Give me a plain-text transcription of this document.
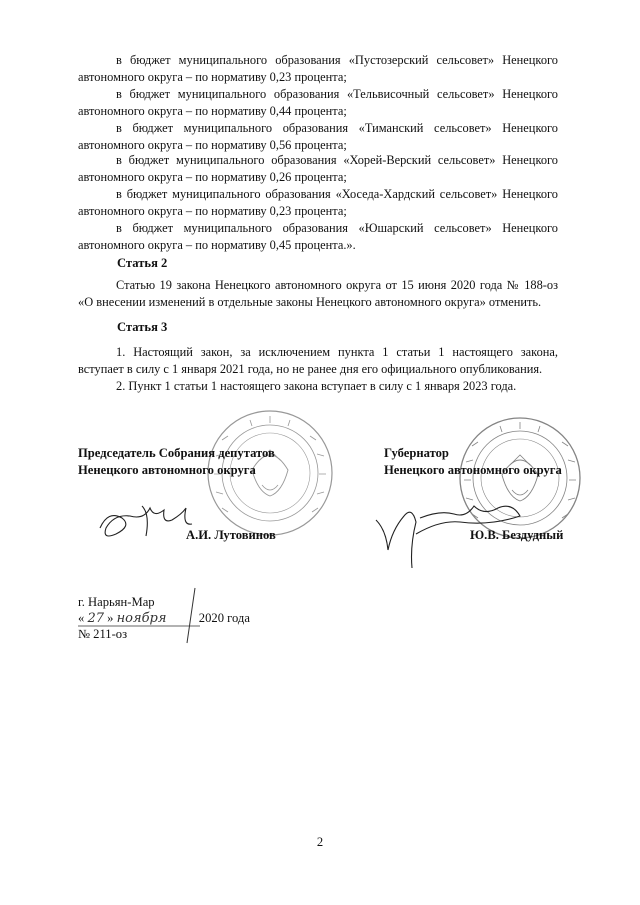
в бюджет муниципального образования «Пустозерский сельсовет» Ненецкого автономного округа – по нормативу 0,23 процента;

в бюджет муниципального образования «Тельвисочный сельсовет» Ненецкого автономного округа – по нормативу 0,44 процента;

в бюджет муниципального образования «Тиманский сельсовет» Ненецкого автономного округа – по нормативу 0,56 процента;

в бюджет муниципального образования «Хорей-Верский сельсовет» Ненецкого автономного округа – по нормативу 0,26 процента;

в бюджет муниципального образования «Хоседа-Хардский сельсовет» Ненецкого автономного округа – по нормативу 0,23 процента;

в бюджет муниципального образования «Юшарский сельсовет» Ненецкого автономного округа – по нормативу 0,45 процента.».

Статья 2

Статью 19 закона Ненецкого автономного округа от 15 июня 2020 года № 188-оз «О внесении изменений в отдельные законы Ненецкого автономного округа» отменить.

Статья 3

1. Настоящий закон, за исключением пункта 1 статьи 1 настоящего закона, вступает в силу с 1 января 2021 года, но не ранее дня его официального опубликования.

2. Пункт 1 статьи 1 настоящего закона вступает в силу с 1 января 2023 года.

Председатель Собрания депутатов
Ненецкого автономного округа
А.И. Лутовинов
Губернатор
Ненецкого автономного округа
Ю.В. Бездудный
г. Нарьян-Мар
« 27 » ноября	2020 года
№ 211-оз
2
